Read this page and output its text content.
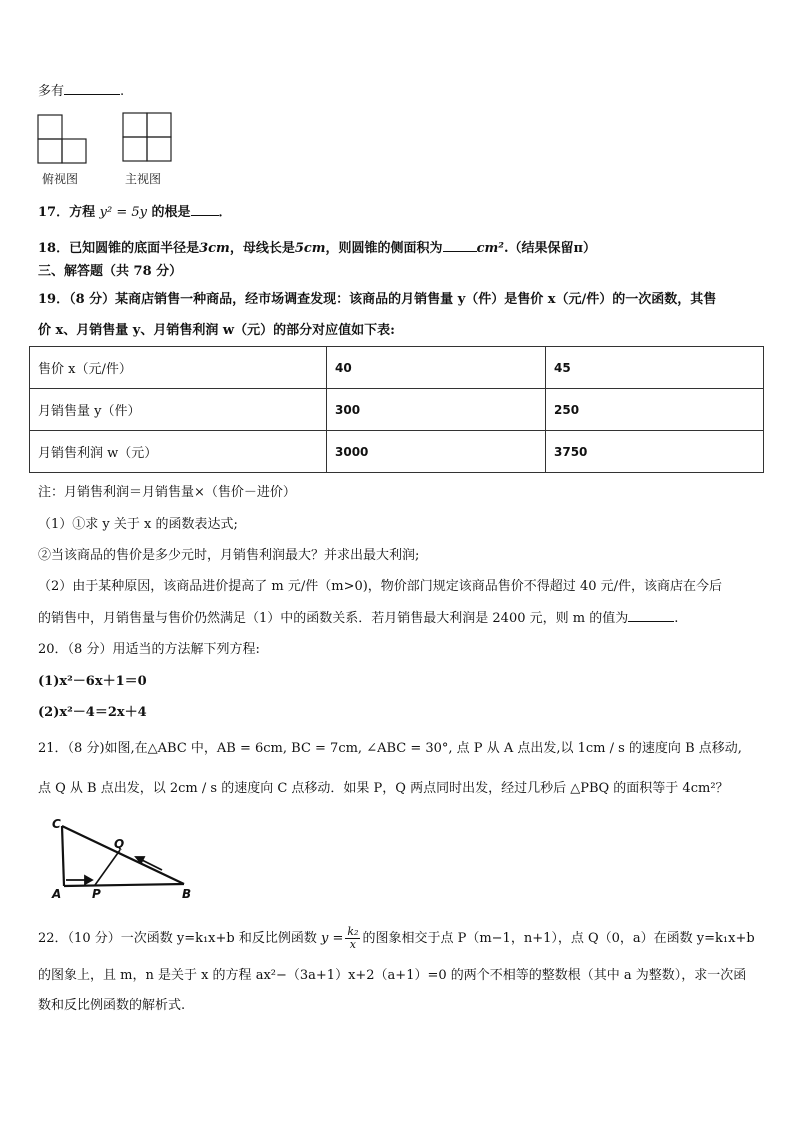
多有	.
俯视图	主视图
17．方程 y² = 5y 的根是 ．
18．已知圆锥的底面半径是3cm，母线长是5cm，则圆锥的侧面积为	cm².（结果保留π）
三、解答题（共 78 分）
19．（8 分）某商店销售一种商品，经市场调查发现：该商品的月销售量 y（件）是售价 x（元/件）的一次函数，其售
价 x、月销售量 y、月销售利润 w（元）的部分对应值如下表:
售价 x（元/件）	40	45
月销售量 y（件）	300	250
月销售利润 w（元）	3000	3750
注：月销售利润＝月销售量×（售价－进价）
（1）①求 y 关于 x 的函数表达式;
②当该商品的售价是多少元时，月销售利润最大？并求出最大利润;
（2）由于某种原因，该商品进价提高了 m 元/件（m>0)，物价部门规定该商品售价不得超过 40 元/件，该商店在今后
的销售中，月销售量与售价仍然满足（1）中的函数关系．若月销售最大利润是 2400 元，则 m 的值为	.
20．（8 分）用适当的方法解下列方程:
(1)x²－6x＋1＝0
(2)x²－4＝2x＋4
21．（8 分)如图,在△ABC 中，AB = 6cm, BC = 7cm, ∠ABC = 30°, 点 P 从 A 点出发,以 1cm / s 的速度向 B 点移动,
点 Q 从 B 点出发，以 2cm / s 的速度向 C 点移动．如果 P，Q 两点同时出发，经过几秒后 △PBQ 的面积等于 4cm²？
C
Q
A	P	B
22．（10 分）一次函数 y=k₁x+b 和反比例函数 $y = \frac{\text{k₂}}{x}$ 的图象相交于点 P（m−1，n+1），点 Q（0，a）在函数 y=k₁x+b
的图象上，且 m，n 是关于 x 的方程 ax²−（3a+1）x+2（a+1）=0 的两个不相等的整数根（其中 a 为整数），求一次函
数和反比例函数的解析式.
